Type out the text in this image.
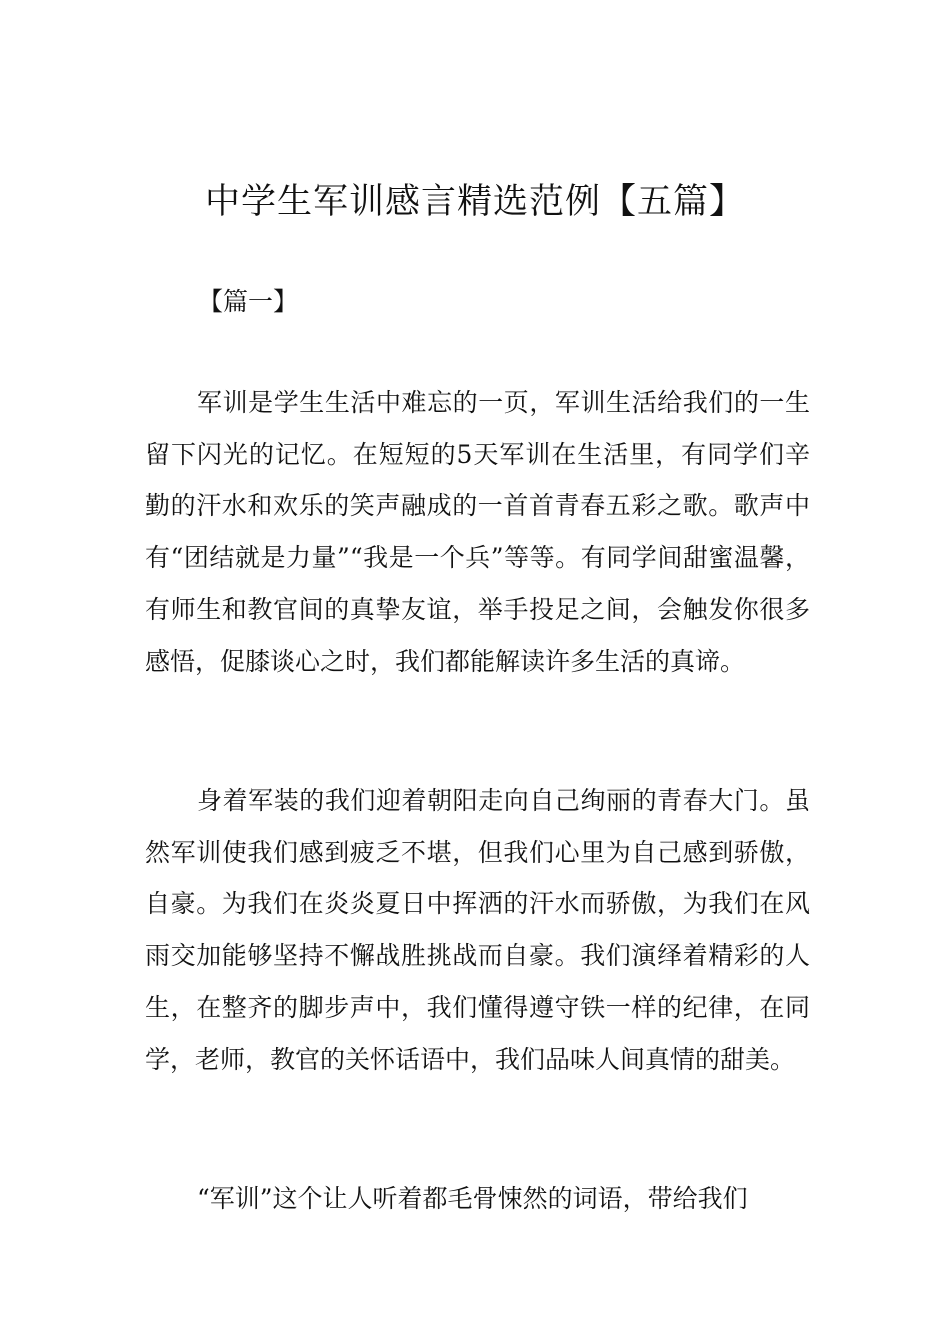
中学生军训感言精选范例【五篇】
【篇一】

军训是学生生活中难忘的一页，军训生活给我们的一生留下闪光的记忆。在短短的5天军训在生活里，有同学们辛勤的汗水和欢乐的笑声融成的一首首青春五彩之歌。歌声中有“团结就是力量”“我是一个兵”等等。有同学间甜蜜温馨，有师生和教官间的真挚友谊，举手投足之间，会触发你很多感悟，促膝谈心之时，我们都能解读许多生活的真谛。

身着军装的我们迎着朝阳走向自己绚丽的青春大门。虽然军训使我们感到疲乏不堪，但我们心里为自己感到骄傲，自豪。为我们在炎炎夏日中挥洒的汗水而骄傲，为我们在风雨交加能够坚持不懈战胜挑战而自豪。我们演绎着精彩的人生，在整齐的脚步声中，我们懂得遵守铁一样的纪律，在同学，老师，教官的关怀话语中，我们品味人间真情的甜美。

“军训”这个让人听着都毛骨悚然的词语，带给我们
